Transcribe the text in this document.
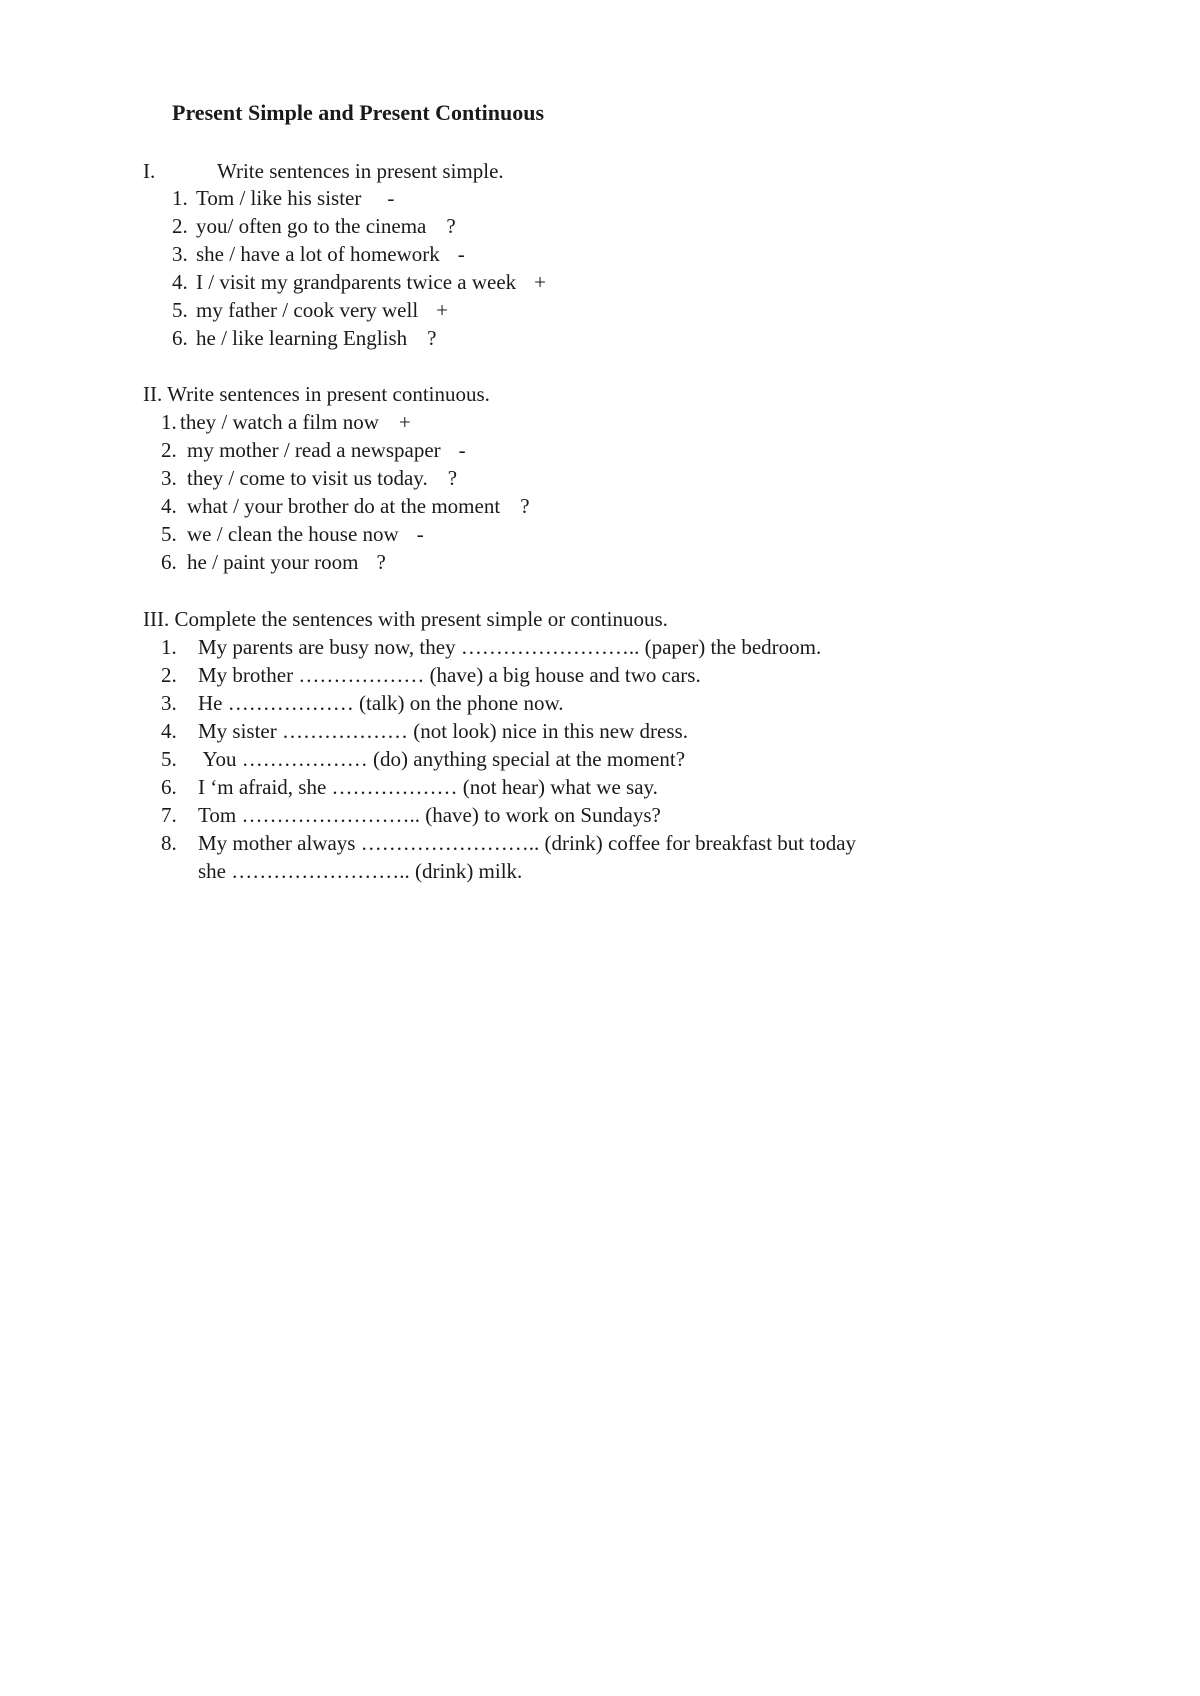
Present Simple and Present Continuous
I.	Write sentences in present simple.
1. Tom / like his sister -
2. you/ often go to the cinema ?
3. she / have a lot of homework -
4. I / visit my grandparents twice a week +
5. my father / cook very well +
6. he / like learning English ?
II. Write sentences in present continuous.
1. they / watch a film now +
2. my mother / read a newspaper -
3. they / come to visit us today. ?
4. what / your brother do at the moment ?
5. we / clean the house now -
6. he / paint your room ?
III. Complete the sentences with present simple or continuous.
1. My parents are busy now, they …………………….. (paper) the bedroom.
2. My brother ……………… (have) a big house and two cars.
3. He ……………… (talk) on the phone now.
4. My sister ……………… (not look) nice in this new dress.
5. You ……………… (do) anything special at the moment?
6. I ‘m afraid, she ……………… (not hear) what we say.
7. Tom …………………….. (have) to work on Sundays?
8. My mother always …………………….. (drink) coffee for breakfast but today
she …………………….. (drink) milk.
